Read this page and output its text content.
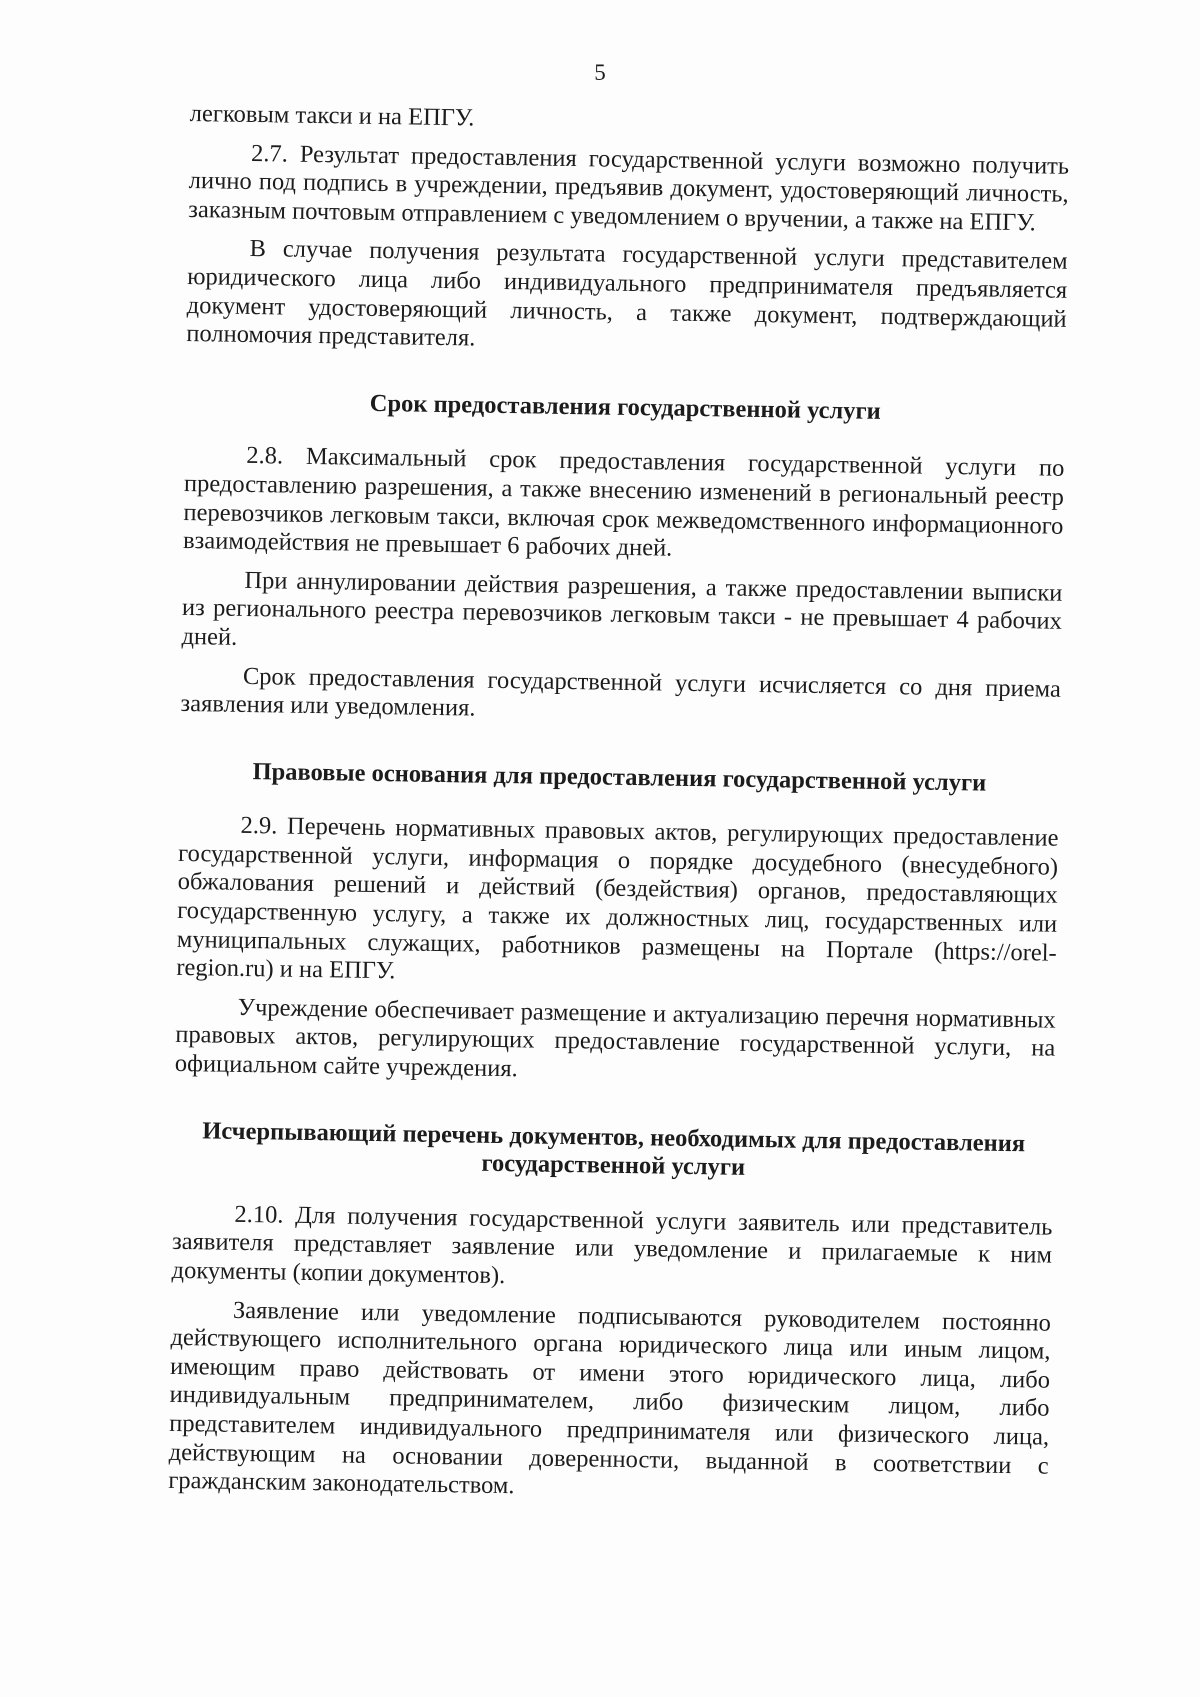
5

легковым такси и на ЕПГУ.

2.7. Результат предоставления государственной услуги возможно получить лично под подпись в учреждении, предъявив документ, удостоверяющий личность, заказным почтовым отправлением с уведомлением о вручении, а также на ЕПГУ.

В случае получения результата государственной услуги представителем юридического лица либо индивидуального предпринимателя предъявляется документ удостоверяющий личность, а также документ, подтверждающий полномочия представителя.

Срок предоставления государственной услуги

2.8. Максимальный срок предоставления государственной услуги по предоставлению разрешения, а также внесению изменений в региональный реестр перевозчиков легковым такси, включая срок межведомственного информационного взаимодействия не превышает 6 рабочих дней.

При аннулировании действия разрешения, а также предоставлении выписки из регионального реестра перевозчиков легковым такси - не превышает 4 рабочих дней.

Срок предоставления государственной услуги исчисляется со дня приема заявления или уведомления.

Правовые основания для предоставления государственной услуги

2.9. Перечень нормативных правовых актов, регулирующих предоставление государственной услуги, информация о порядке досудебного (внесудебного) обжалования решений и действий (бездействия) органов, предоставляющих государственную услугу, а также их должностных лиц, государственных или муниципальных служащих, работников размещены на Портале (https://orel-region.ru) и на ЕПГУ.

Учреждение обеспечивает размещение и актуализацию перечня нормативных правовых актов, регулирующих предоставление государственной услуги, на официальном сайте учреждения.

Исчерпывающий перечень документов, необходимых для предоставления
государственной услуги

2.10. Для получения государственной услуги заявитель или представитель заявителя представляет заявление или уведомление и прилагаемые к ним документы (копии документов).

Заявление или уведомление подписываются руководителем постоянно действующего исполнительного органа юридического лица или иным лицом, имеющим право действовать от имени этого юридического лица, либо индивидуальным предпринимателем, либо физическим лицом, либо представителем индивидуального предпринимателя или физического лица, действующим на основании доверенности, выданной в соответствии с гражданским законодательством.
